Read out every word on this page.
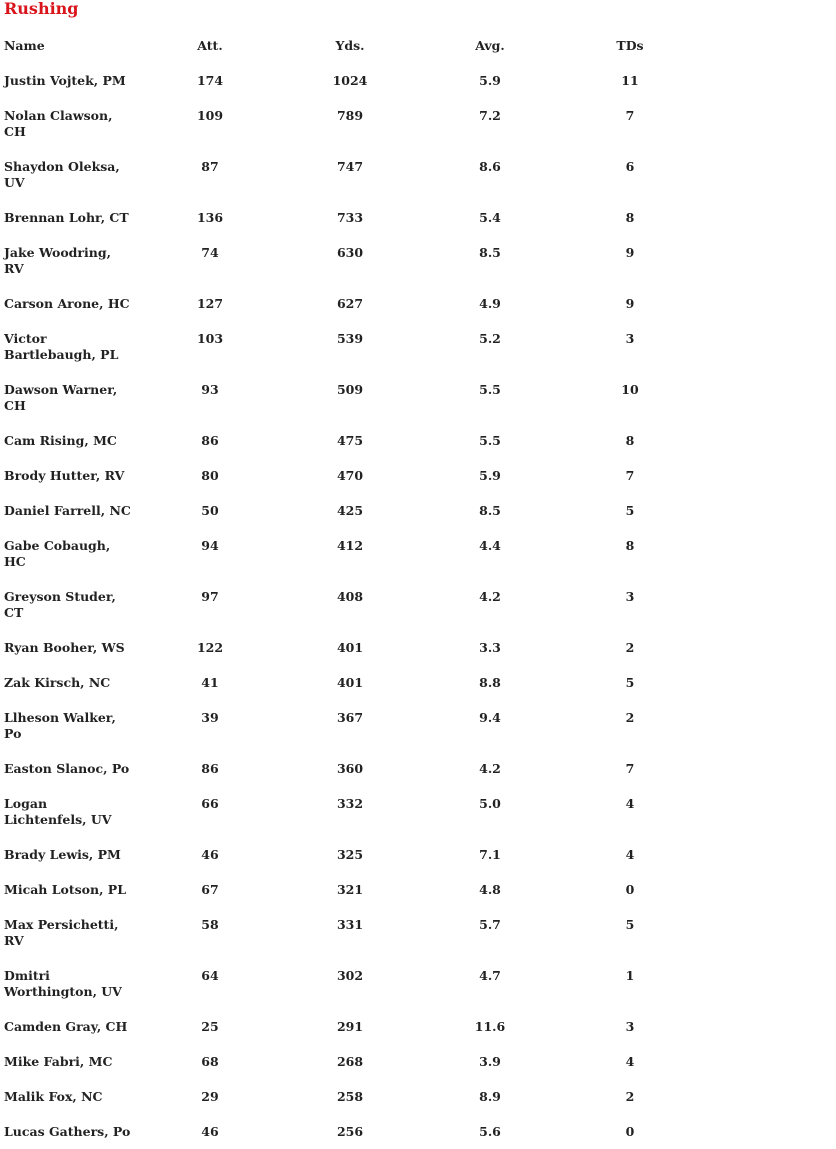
Rushing
Name	Att.	Yds.	Avg.	TDs
Justin Vojtek, PM	174	1024	5.9	11
Nolan Clawson, CH	109	789	7.2	7
Shaydon Oleksa, UV	87	747	8.6	6
Brennan Lohr, CT	136	733	5.4	8
Jake Woodring, RV	74	630	8.5	9
Carson Arone, HC	127	627	4.9	9
Victor Bartlebaugh, PL	103	539	5.2	3
Dawson Warner, CH	93	509	5.5	10
Cam Rising, MC	86	475	5.5	8
Brody Hutter, RV	80	470	5.9	7
Daniel Farrell, NC	50	425	8.5	5
Gabe Cobaugh, HC	94	412	4.4	8
Greyson Studer, CT	97	408	4.2	3
Ryan Booher, WS	122	401	3.3	2
Zak Kirsch, NC	41	401	8.8	5
Llheson Walker, Po	39	367	9.4	2
Easton Slanoc, Po	86	360	4.2	7
Logan Lichtenfels, UV	66	332	5.0	4
Brady Lewis, PM	46	325	7.1	4
Micah Lotson, PL	67	321	4.8	0
Max Persichetti, RV	58	331	5.7	5
Dmitri Worthington, UV	64	302	4.7	1
Camden Gray, CH	25	291	11.6	3
Mike Fabri, MC	68	268	3.9	4
Malik Fox, NC	29	258	8.9	2
Lucas Gathers, Po	46	256	5.6	0
